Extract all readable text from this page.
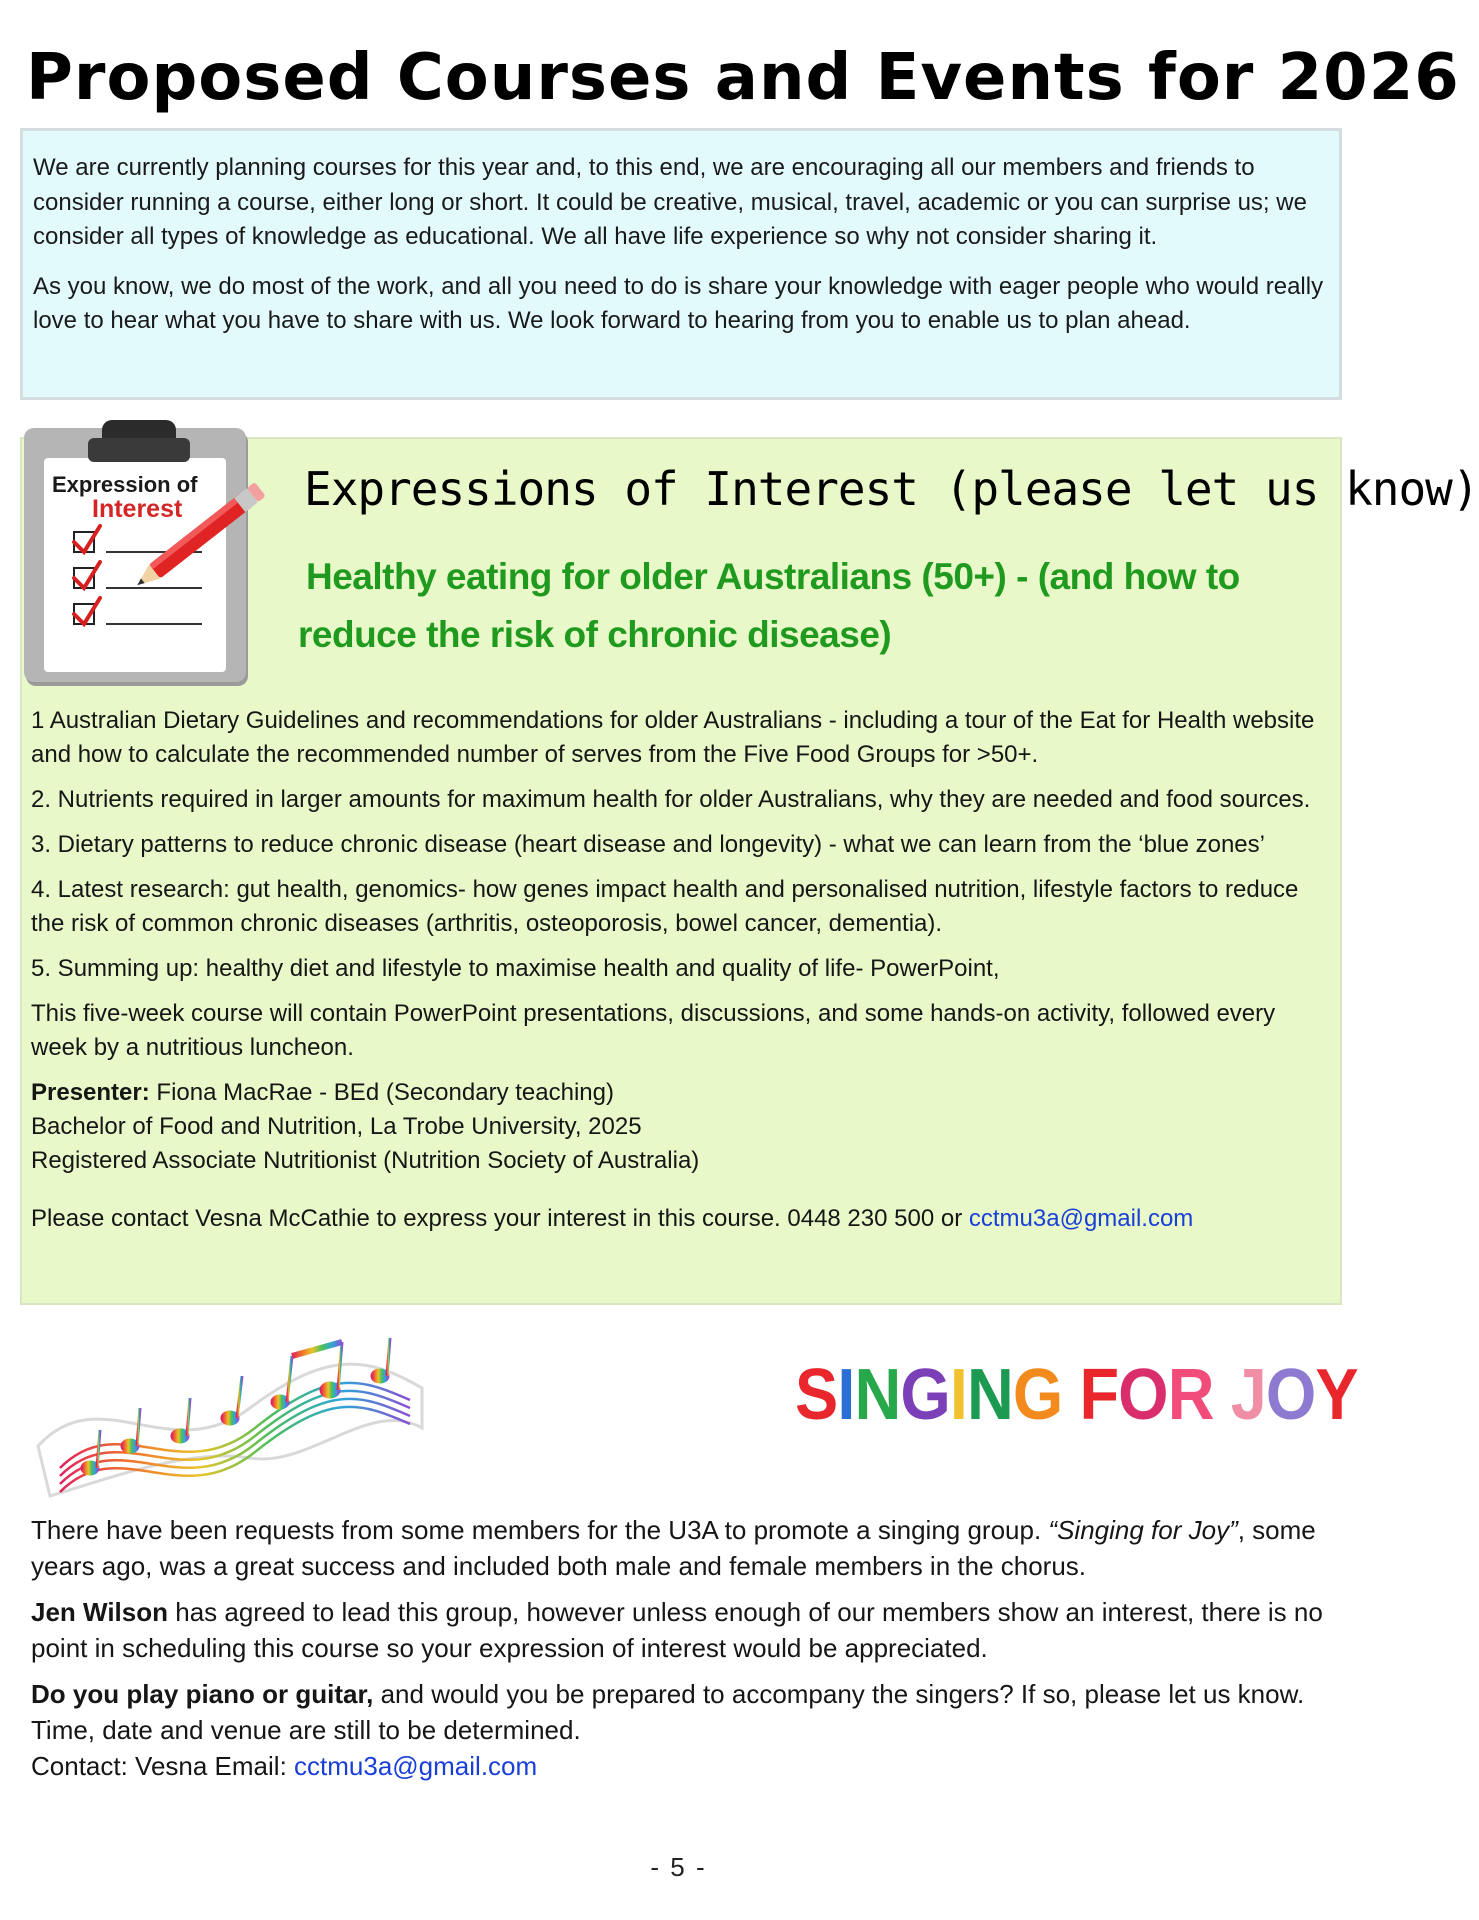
Proposed Courses and Events for 2026

We are currently planning courses for this year and, to this end, we are encouraging all our members and friends to consider running a course, either long or short. It could be creative, musical, travel, academic or you can surprise us; we consider all types of knowledge as educational. We all have life experience so why not consider sharing it.

As you know, we do most of the work, and all you need to do is share your knowledge with eager people who would really love to hear what you have to share with us. We look forward to hearing from you to enable us to plan ahead.

Expression of
Interest	Expressions of Interest (please let us know)
Healthy eating for older Australians (50+) - (and how to
reduce the risk of chronic disease)

1 Australian Dietary Guidelines and recommendations for older Australians - including a tour of the Eat for Health website and how to calculate the recommended number of serves from the Five Food Groups for >50+.

2. Nutrients required in larger amounts for maximum health for older Australians, why they are needed and food sources.

3. Dietary patterns to reduce chronic disease (heart disease and longevity) - what we can learn from the ‘blue zones’

4. Latest research: gut health, genomics- how genes impact health and personalised nutrition, lifestyle factors to reduce the risk of common chronic diseases (arthritis, osteoporosis, bowel cancer, dementia).

5. Summing up: healthy diet and lifestyle to maximise health and quality of life- PowerPoint,

This five-week course will contain PowerPoint presentations, discussions, and some hands-on activity, followed every week by a nutritious luncheon.

Presenter: Fiona MacRae - BEd (Secondary teaching)
Bachelor of Food and Nutrition, La Trobe University, 2025
Registered Associate Nutritionist (Nutrition Society of Australia)

Please contact Vesna McCathie to express your interest in this course. 0448 230 500 or cctmu3a@gmail.com

SINGING FOR JOY

There have been requests from some members for the U3A to promote a singing group. “Singing for Joy”, some years ago, was a great success and included both male and female members in the chorus.

Jen Wilson has agreed to lead this group, however unless enough of our members show an interest, there is no point in scheduling this course so your expression of interest would be appreciated.

Do you play piano or guitar, and would you be prepared to accompany the singers? If so, please let us know.

Time, date and venue are still to be determined.

Contact: Vesna Email: cctmu3a@gmail.com

- 5 -
